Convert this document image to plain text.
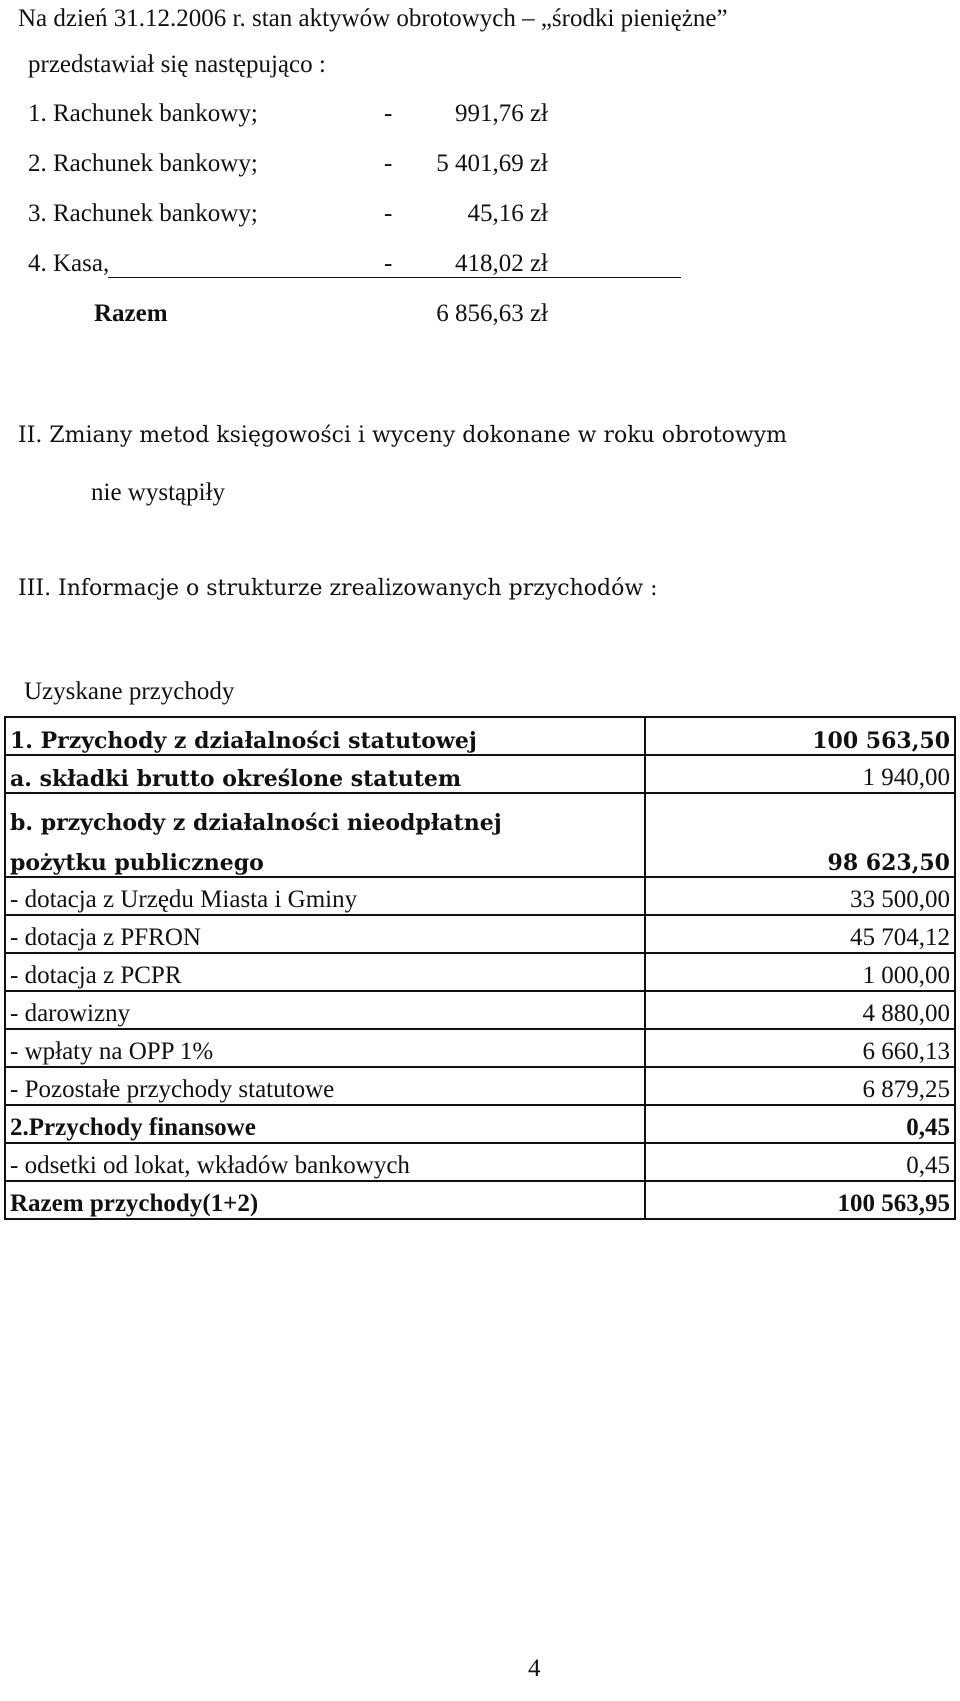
Na dzień 31.12.2006 r. stan aktywów obrotowych – „środki pieniężne”
przedstawiał się następująco :
1. Rachunek bankowy;	-	991,76 zł
2. Rachunek bankowy;	- 5 401,69 zł
3. Rachunek bankowy;	-	45,16 zł
4. Kasa,	-	418,02 zł
Razem	6 856,63 zł
II. Zmiany metod księgowości i wyceny dokonane w roku obrotowym
nie wystąpiły
III. Informacje o strukturze zrealizowanych przychodów :
Uzyskane przychody
1. Przychody z działalności statutowej	100 563,50
a. składki brutto określone statutem	1 940,00

b. przychody z działalności nieodpłatnej
pożytku publicznego	98 623,50
- dotacja z Urzędu Miasta i Gminy	33 500,00
- dotacja z PFRON	45 704,12
- dotacja z PCPR	1 000,00
- darowizny	4 880,00
- wpłaty na OPP 1%	6 660,13
- Pozostałe przychody statutowe	6 879,25
2.Przychody finansowe	0,45
- odsetki od lokat, wkładów bankowych	0,45
Razem przychody(1+2)	100 563,95
4
